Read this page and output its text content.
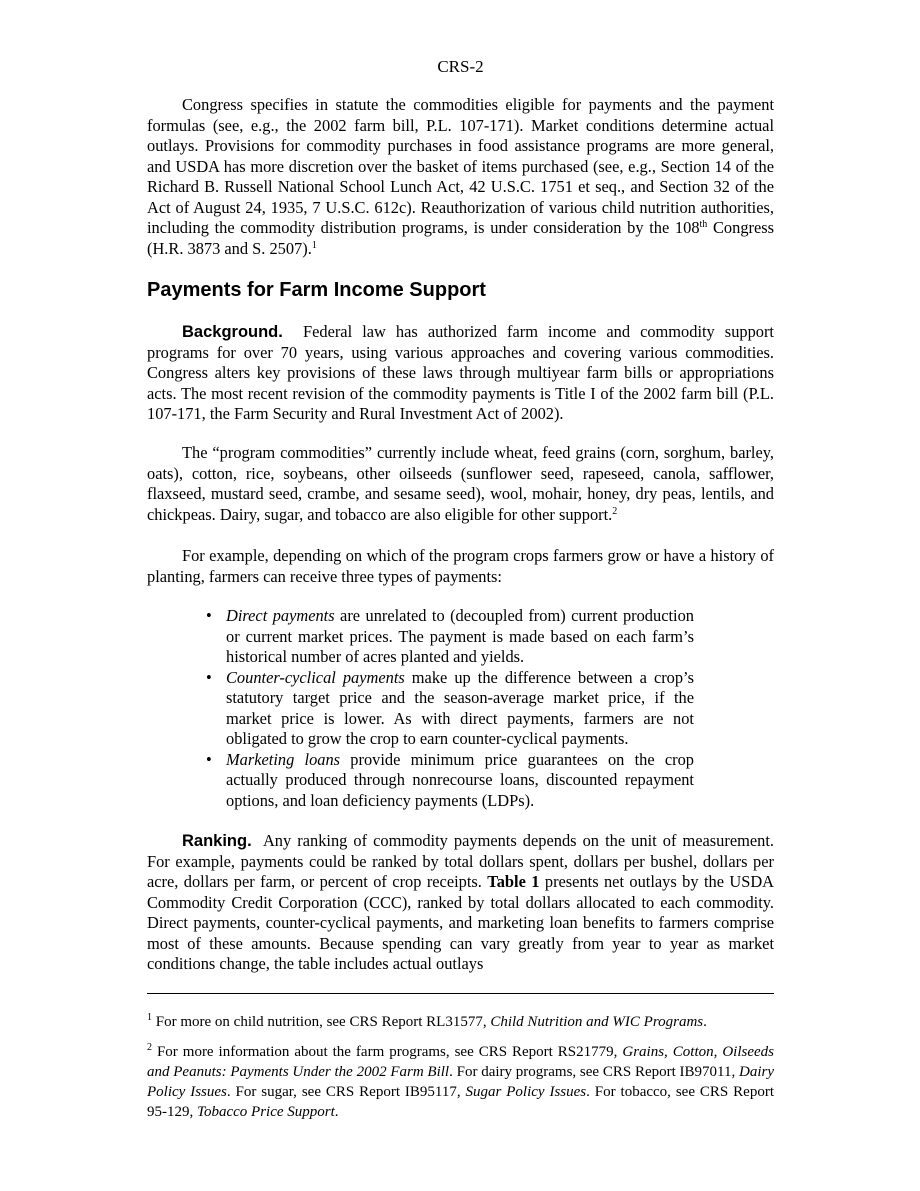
CRS-2

Congress specifies in statute the commodities eligible for payments and the payment formulas (see, e.g., the 2002 farm bill, P.L. 107-171). Market conditions determine actual outlays. Provisions for commodity purchases in food assistance programs are more general, and USDA has more discretion over the basket of items purchased (see, e.g., Section 14 of the Richard B. Russell National School Lunch Act, 42 U.S.C. 1751 et seq., and Section 32 of the Act of August 24, 1935, 7 U.S.C. 612c). Reauthorization of various child nutrition authorities, including the commodity distribution programs, is under consideration by the 108th Congress (H.R. 3873 and S. 2507).$^1$

Payments for Farm Income Support

Background. Federal law has authorized farm income and commodity support programs for over 70 years, using various approaches and covering various commodities. Congress alters key provisions of these laws through multiyear farm bills or appropriations acts. The most recent revision of the commodity payments is Title I of the 2002 farm bill (P.L. 107-171, the Farm Security and Rural Investment Act of 2002).

The “program commodities” currently include wheat, feed grains (corn, sorghum, barley, oats), cotton, rice, soybeans, other oilseeds (sunflower seed, rapeseed, canola, safflower, flaxseed, mustard seed, crambe, and sesame seed), wool, mohair, honey, dry peas, lentils, and chickpeas. Dairy, sugar, and tobacco are also eligible for other support.$^2$

For example, depending on which of the program crops farmers grow or have a history of planting, farmers can receive three types of payments:

• Direct payments are unrelated to (decoupled from) current production or current market prices. The payment is made based on each farm’s historical number of acres planted and yields.
• Counter-cyclical payments make up the difference between a crop’s statutory target price and the season-average market price, if the market price is lower. As with direct payments, farmers are not obligated to grow the crop to earn counter-cyclical payments.
• Marketing loans provide minimum price guarantees on the crop actually produced through nonrecourse loans, discounted repayment options, and loan deficiency payments (LDPs).

Ranking. Any ranking of commodity payments depends on the unit of measurement. For example, payments could be ranked by total dollars spent, dollars per bushel, dollars per acre, dollars per farm, or percent of crop receipts. Table 1 presents net outlays by the USDA Commodity Credit Corporation (CCC), ranked by total dollars allocated to each commodity. Direct payments, counter-cyclical payments, and marketing loan benefits to farmers comprise most of these amounts. Because spending can vary greatly from year to year as market conditions change, the table includes actual outlays

$^1$ For more on child nutrition, see CRS Report RL31577, Child Nutrition and WIC Programs.

$^2$ For more information about the farm programs, see CRS Report RS21779, Grains, Cotton, Oilseeds and Peanuts: Payments Under the 2002 Farm Bill. For dairy programs, see CRS Report IB97011, Dairy Policy Issues. For sugar, see CRS Report IB95117, Sugar Policy Issues. For tobacco, see CRS Report 95-129, Tobacco Price Support.
